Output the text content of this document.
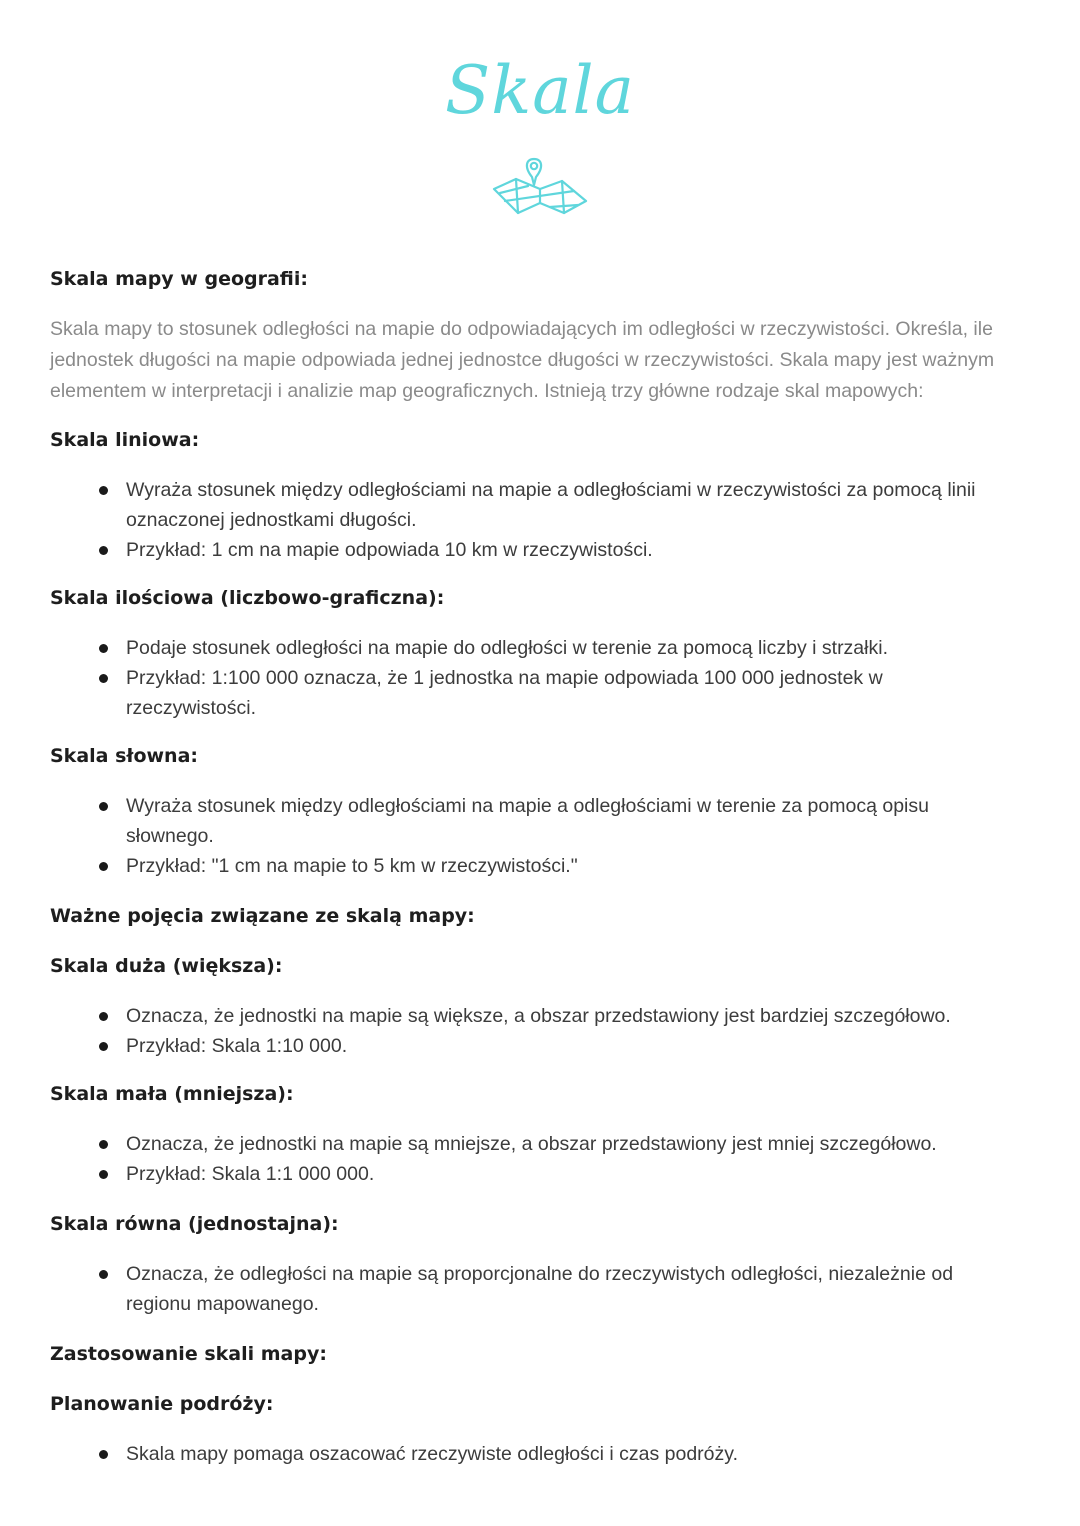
Skala

Skala mapy w geografii:

Skala mapy to stosunek odległości na mapie do odpowiadających im odległości w rzeczywistości. Określa, ile jednostek długości na mapie odpowiada jednej jednostce długości w rzeczywistości. Skala mapy jest ważnym elementem w interpretacji i analizie map geograficznych. Istnieją trzy główne rodzaje skal mapowych:

Skala liniowa:

Wyraża stosunek między odległościami na mapie a odległościami w rzeczywistości za pomocą linii oznaczonej jednostkami długości.
Przykład: 1 cm na mapie odpowiada 10 km w rzeczywistości.

Skala ilościowa (liczbowo-graficzna):

Podaje stosunek odległości na mapie do odległości w terenie za pomocą liczby i strzałki.
Przykład: 1:100 000 oznacza, że 1 jednostka na mapie odpowiada 100 000 jednostek w rzeczywistości.

Skala słowna:

Wyraża stosunek między odległościami na mapie a odległościami w terenie za pomocą opisu słownego.
Przykład: "1 cm na mapie to 5 km w rzeczywistości."

Ważne pojęcia związane ze skalą mapy:

Skala duża (większa):

Oznacza, że jednostki na mapie są większe, a obszar przedstawiony jest bardziej szczegółowo.
Przykład: Skala 1:10 000.

Skala mała (mniejsza):

Oznacza, że jednostki na mapie są mniejsze, a obszar przedstawiony jest mniej szczegółowo.
Przykład: Skala 1:1 000 000.

Skala równa (jednostajna):

Oznacza, że odległości na mapie są proporcjonalne do rzeczywistych odległości, niezależnie od regionu mapowanego.

Zastosowanie skali mapy:

Planowanie podróży:

Skala mapy pomaga oszacować rzeczywiste odległości i czas podróży.
